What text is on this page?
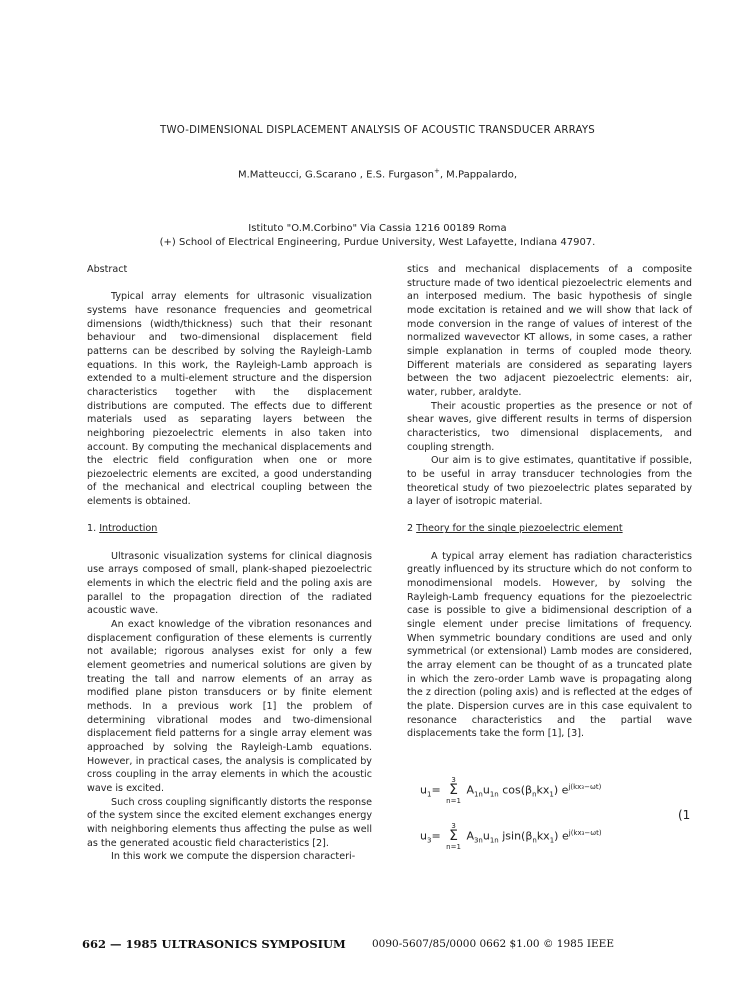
TWO-DIMENSIONAL DISPLACEMENT ANALYSIS OF ACOUSTIC TRANSDUCER ARRAYS
M.Matteucci, G.Scarano , E.S. Furgason+, M.Pappalardo,
Istituto "O.M.Corbino" Via Cassia 1216 00189 Roma
(+) School of Electrical Engineering, Purdue University, West Lafayette, Indiana 47907.

Abstract

Typical array elements for ultrasonic visualization systems have resonance frequencies and geometrical dimensions (width/thickness) such that their resonant behaviour and two-dimensional displacement field patterns can be described by solving the Rayleigh-Lamb equations. In this work, the Rayleigh-Lamb approach is extended to a multi-element structure and the dispersion characteristics together with the displacement distributions are computed. The effects due to different materials used as separating layers between the neighboring piezoelectric elements in also taken into account. By computing the mechanical displacements and the electric field configuration when one or more piezoelectric elements are excited, a good understanding of the mechanical and electrical coupling between the elements is obtained.

1. Introduction

Ultrasonic visualization systems for clinical diagnosis use arrays composed of small, plank-shaped piezoelectric elements in which the electric field and the poling axis are parallel to the propagation direction of the radiated acoustic wave.

An exact knowledge of the vibration resonances and displacement configuration of these elements is currently not available; rigorous analyses exist for only a few element geometries and numerical solutions are given by treating the tall and narrow elements of an array as modified plane piston transducers or by finite element methods. In a previous work [1] the problem of determining vibrational modes and two-dimensional displacement field patterns for a single array element was approached by solving the Rayleigh-Lamb equations. However, in practical cases, the analysis is complicated by cross coupling in the array elements in which the acoustic wave is excited.

Such cross coupling significantly distorts the response of the system since the excited element exchanges energy with neighboring elements thus affecting the pulse as well as the generated acoustic field characteristics [2].

In this work we compute the dispersion characteri-

stics and mechanical displacements of a composite structure made of two identical piezoelectric elements and an interposed medium. The basic hypothesis of single mode excitation is retained and we will show that lack of mode conversion in the range of values of interest of the normalized wavevector KT allows, in some cases, a rather simple explanation in terms of coupled mode theory. Different materials are considered as separating layers between the two adjacent piezoelectric elements: air, water, rubber, araldyte.

Their acoustic properties as the presence or not of shear waves, give different results in terms of dispersion characteristics, two dimensional displacements, and coupling strength.

Our aim is to give estimates, quantitative if possible, to be useful in array transducer technologies from the theoretical study of two piezoelectric plates separated by a layer of isotropic material.

2 Theory for the single piezoelectric element

A typical array element has radiation characteristics greatly influenced by its structure which do not conform to monodimensional models. However, by solving the Rayleigh-Lamb frequency equations for the piezoelectric case is possible to give a bidimensional description of a single element under precise limitations of frequency. When symmetric boundary conditions are used and only symmetrical (or extensional) Lamb modes are considered, the array element can be thought of as a truncated plate in which the zero-order Lamb wave is propagating along the z direction (poling axis) and is reflected at the edges of the plate. Dispersion curves are in this case equivalent to resonance characteristics and the partial wave displacements take the form [1], [3].

$u_1= 3$
Σ
n=1 $A_{1n}u_{1n}$ $\cos(\beta_nkx_1)$ $e^{j(kx_3-\omega t)}$
(1
$u_3= 3$
Σ
n=1 $A_{3n}u_{1n}$ $jsin(\beta_nkx_1)$ $e^{j(kx_3-\omega t)}$
662 — 1985 ULTRASONICS SYMPOSIUM 0090-5607/85/0000 0662 $1.00 © 1985 IEEE
